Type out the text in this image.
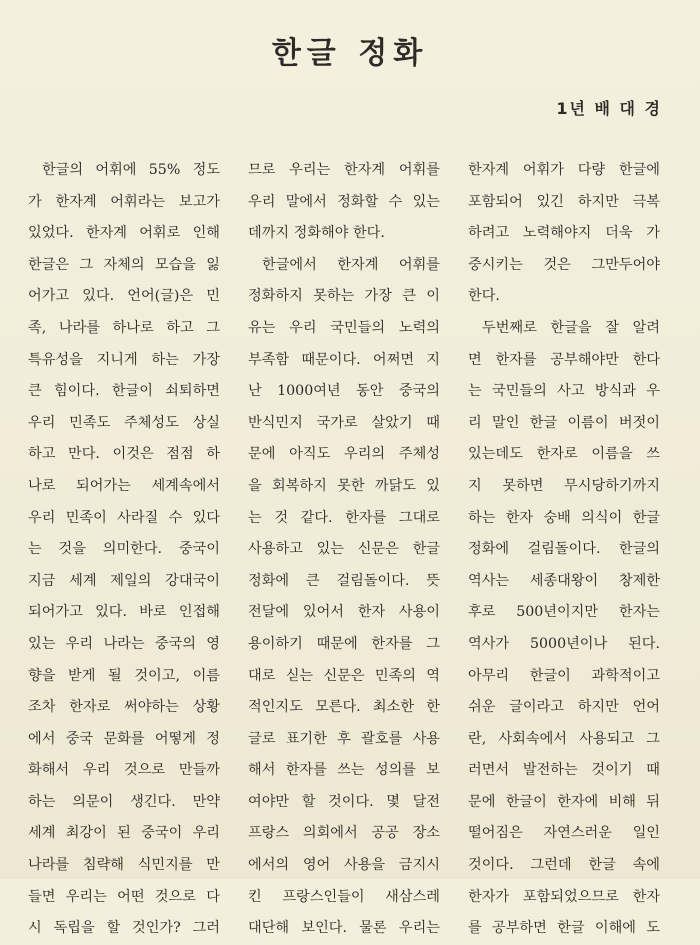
한글 정화
1년 배 대 경
한글의 어휘에 55% 정도
가 한자계 어휘라는 보고가
있었다. 한자계 어휘로 인해
한글은 그 자체의 모습을 잃
어가고 있다. 언어(글)은 민
족, 나라를 하나로 하고 그
특유성을 지니게 하는 가장
큰 힘이다. 한글이 쇠퇴하면
우리 민족도 주체성도 상실
하고 만다. 이것은 점점 하
나로 되어가는 세계속에서
우리 민족이 사라질 수 있다
는 것을 의미한다. 중국이
지금 세계 제일의 강대국이
되어가고 있다. 바로 인접해
있는 우리 나라는 중국의 영
향을 받게 될 것이고, 이름
조차 한자로 써야하는 상황
에서 중국 문화를 어떻게 정
화해서 우리 것으로 만들까
하는 의문이 생긴다. 만약
세계 최강이 된 중국이 우리
나라를 침략해 식민지를 만
들면 우리는 어떤 것으로 다
시 독립을 할 것인가? 그러
므로 우리는 한자계 어휘를
우리 말에서 정화할 수 있는
데까지 정화해야 한다.
한글에서 한자계 어휘를
정화하지 못하는 가장 큰 이
유는 우리 국민들의 노력의
부족함 때문이다. 어쩌면 지
난 1000여년 동안 중국의
반식민지 국가로 살았기 때
문에 아직도 우리의 주체성
을 회복하지 못한 까닭도 있
는 것 같다. 한자를 그대로
사용하고 있는 신문은 한글
정화에 큰 걸림돌이다. 뜻
전달에 있어서 한자 사용이
용이하기 때문에 한자를 그
대로 싣는 신문은 민족의 역
적인지도 모른다. 최소한 한
글로 표기한 후 괄호를 사용
해서 한자를 쓰는 성의를 보
여야만 할 것이다. 몇 달전
프랑스 의회에서 공공 장소
에서의 영어 사용을 금지시
킨 프랑스인들이 새삼스레
대단해 보인다. 물론 우리는
한자계 어휘가 다량 한글에
포함되어 있긴 하지만 극복
하려고 노력해야지 더욱 가
중시키는 것은 그만두어야
한다.
두번째로 한글을 잘 알려
면 한자를 공부해야만 한다
는 국민들의 사고 방식과 우
리 말인 한글 이름이 버젓이
있는데도 한자로 이름을 쓰
지 못하면 무시당하기까지
하는 한자 숭배 의식이 한글
정화에 걸림돌이다. 한글의
역사는 세종대왕이 창제한
후로 500년이지만 한자는
역사가 5000년이나 된다.
아무리 한글이 과학적이고
쉬운 글이라고 하지만 언어
란, 사회속에서 사용되고 그
러면서 발전하는 것이기 때
문에 한글이 한자에 비해 뒤
떨어짐은 자연스러운 일인
것이다. 그런데 한글 속에
한자가 포함되었으므로 한자
를 공부하면 한글 이해에 도
